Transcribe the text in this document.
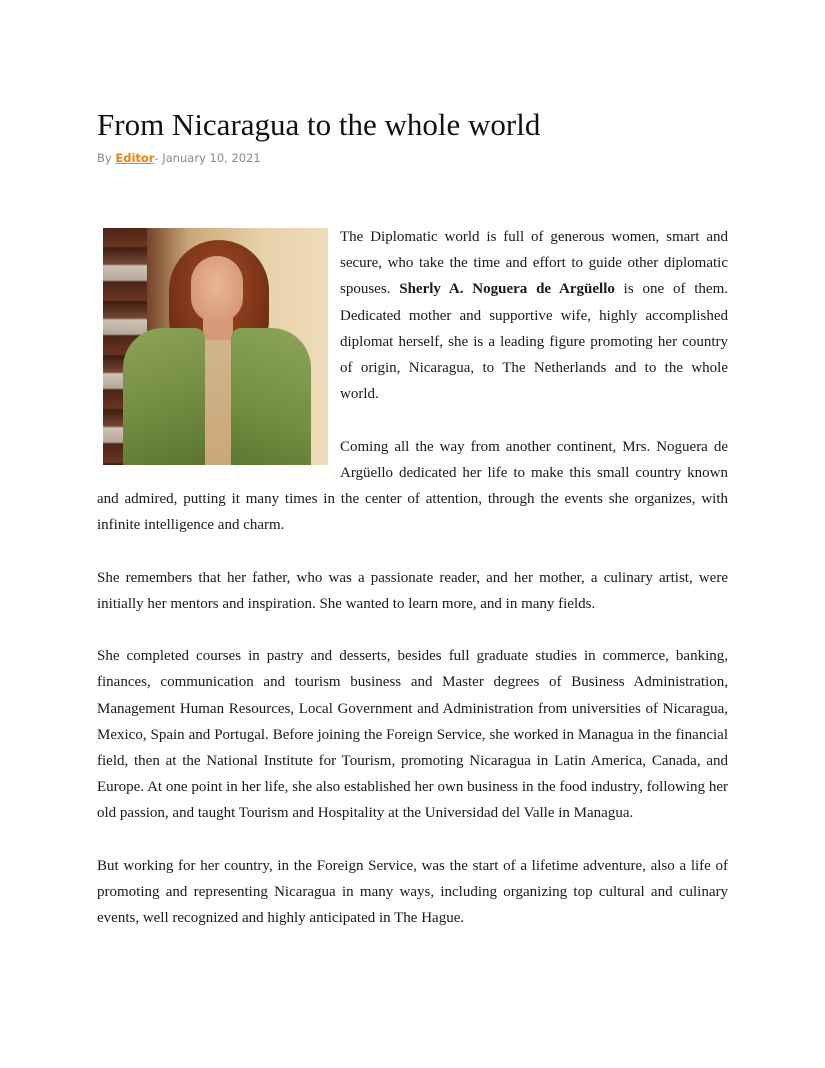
From Nicaragua to the whole world
By Editor- January 10, 2021

The Diplomatic world is full of generous women, smart and secure, who take the time and effort to guide other diplomatic spouses. Sherly A. Noguera de Argüello is one of them. Dedicated mother and supportive wife, highly accomplished diplomat herself, she is a leading figure promoting her country of origin, Nicaragua, to The Netherlands and to the whole world.

Coming all the way from another continent, Mrs. Noguera de Argüello dedicated her life to make this small country known and admired, putting it many times in the center of attention, through the events she organizes, with infinite intelligence and charm.

She remembers that her father, who was a passionate reader, and her mother, a culinary artist, were initially her mentors and inspiration. She wanted to learn more, and in many fields.

She completed courses in pastry and desserts, besides full graduate studies in commerce, banking, finances, communication and tourism business and Master degrees of Business Administration, Management Human Resources, Local Government and Administration from universities of Nicaragua, Mexico, Spain and Portugal. Before joining the Foreign Service, she worked in Managua in the financial field, then at the National Institute for Tourism, promoting Nicaragua in Latin America, Canada, and Europe. At one point in her life, she also established her own business in the food industry, following her old passion, and taught Tourism and Hospitality at the Universidad del Valle in Managua.

But working for her country, in the Foreign Service, was the start of a lifetime adventure, also a life of promoting and representing Nicaragua in many ways, including organizing top cultural and culinary events, well recognized and highly anticipated in The Hague.
